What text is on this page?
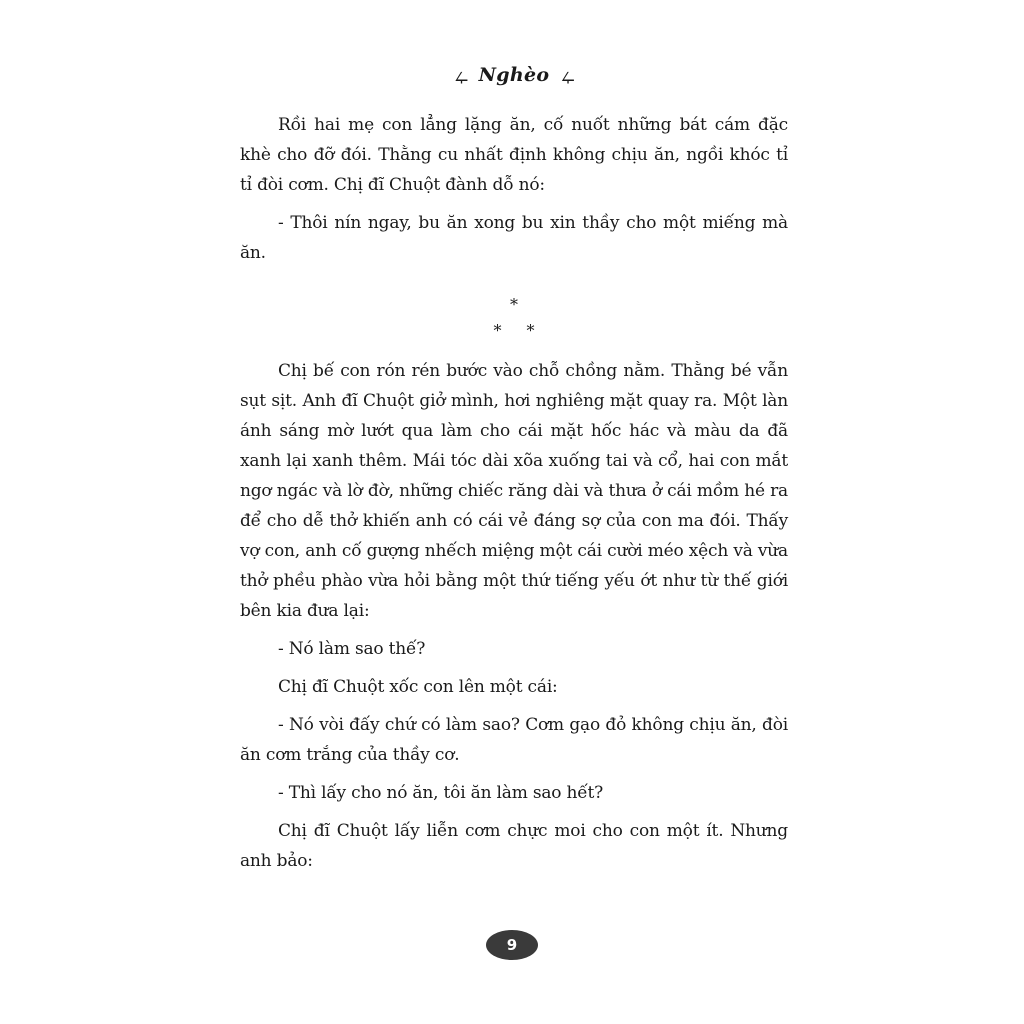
ഺ Nghèo ഺ

Rồi hai mẹ con lẳng lặng ăn, cố nuốt những bát cám đặc khè cho đỡ đói. Thằng cu nhất định không chịu ăn, ngồi khóc tỉ tỉ đòi cơm. Chị đĩ Chuột đành dỗ nó:

- Thôi nín ngay, bu ăn xong bu xin thầy cho một miếng mà ăn.

*
* *

Chị bế con rón rén bước vào chỗ chồng nằm. Thằng bé vẫn sụt sịt. Anh đĩ Chuột giở mình, hơi nghiêng mặt quay ra. Một làn ánh sáng mờ lướt qua làm cho cái mặt hốc hác và màu da đã xanh lại xanh thêm. Mái tóc dài xõa xuống tai và cổ, hai con mắt ngơ ngác và lờ đờ, những chiếc răng dài và thưa ở cái mồm hé ra để cho dễ thở khiến anh có cái vẻ đáng sợ của con ma đói. Thấy vợ con, anh cố gượng nhếch miệng một cái cười méo xệch và vừa thở phều phào vừa hỏi bằng một thứ tiếng yếu ớt như từ thế giới bên kia đưa lại:

- Nó làm sao thế?

Chị đĩ Chuột xốc con lên một cái:

- Nó vòi đấy chứ có làm sao? Cơm gạo đỏ không chịu ăn, đòi ăn cơm trắng của thầy cơ.

- Thì lấy cho nó ăn, tôi ăn làm sao hết?

Chị đĩ Chuột lấy liễn cơm chực moi cho con một ít. Nhưng anh bảo:

9
